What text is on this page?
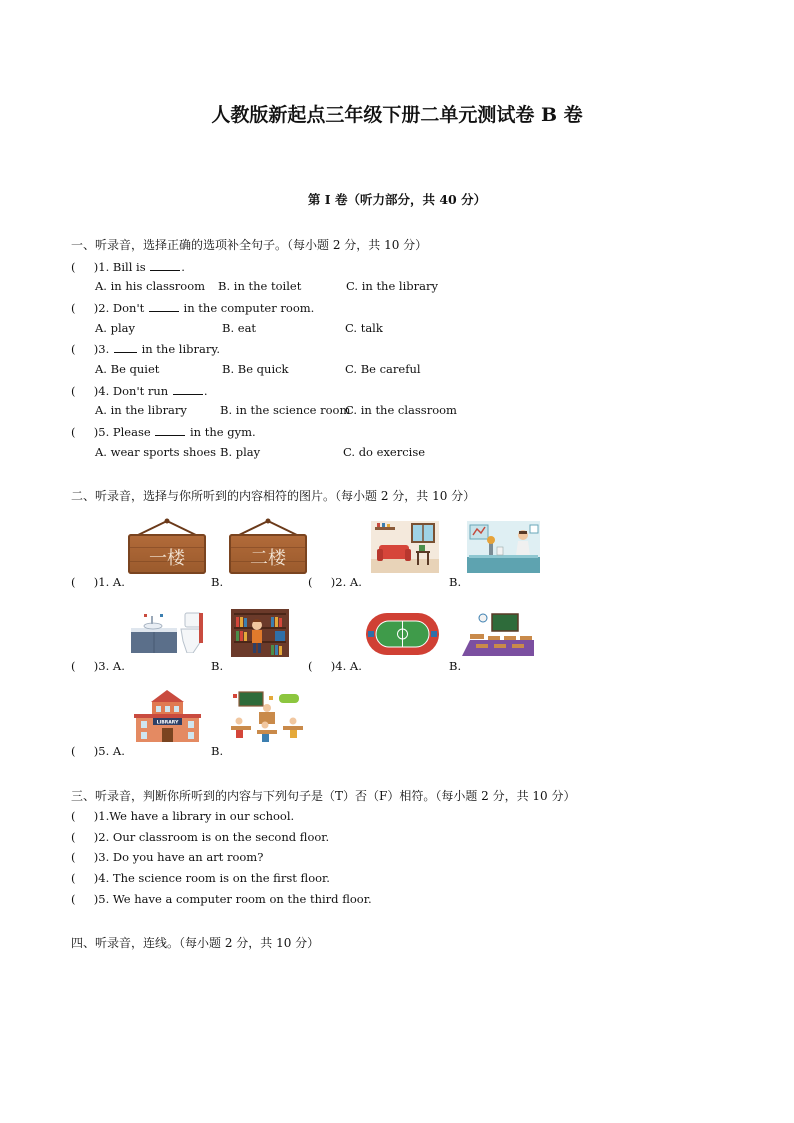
人教版新起点三年级下册二单元测试卷 B 卷
第 I 卷（听力部分，共 40 分）
一、听录音，选择正确的选项补全句子。（每小题 2 分，共 10 分）
( )1. Bill is	.
A. in his classroom B. in the toilet	C. in the library
( )2. Don't	in the computer room.
A. play	B. eat	C. talk
( )3.	in the library.
A. Be quiet	B. Be quick	C. Be careful
( )4. Don't run	.
A. in the library	B. in the science room
C. in the classroom
( )5. Please	in the gym.
A. wear sports shoes B. play	C. do exercise
二、听录音，选择与你所听到的内容相符的图片。（每小题 2 分，共 10 分）
一楼	二楼
( )1. A.	B.	( )2. A.	B.
( )3. A.	B.	( )4. A.	B.
LIBRARY
( )5. A.	B.
三、听录音，判断你所听到的内容与下列句子是（T）否（F）相符。（每小题 2 分，共 10 分）
( )1.We have a library in our school.
( )2. Our classroom is on the second floor.
( )3. Do you have an art room?
( )4. The science room is on the first floor.
( )5. We have a computer room on the third floor.
四、听录音，连线。（每小题 2 分，共 10 分）
